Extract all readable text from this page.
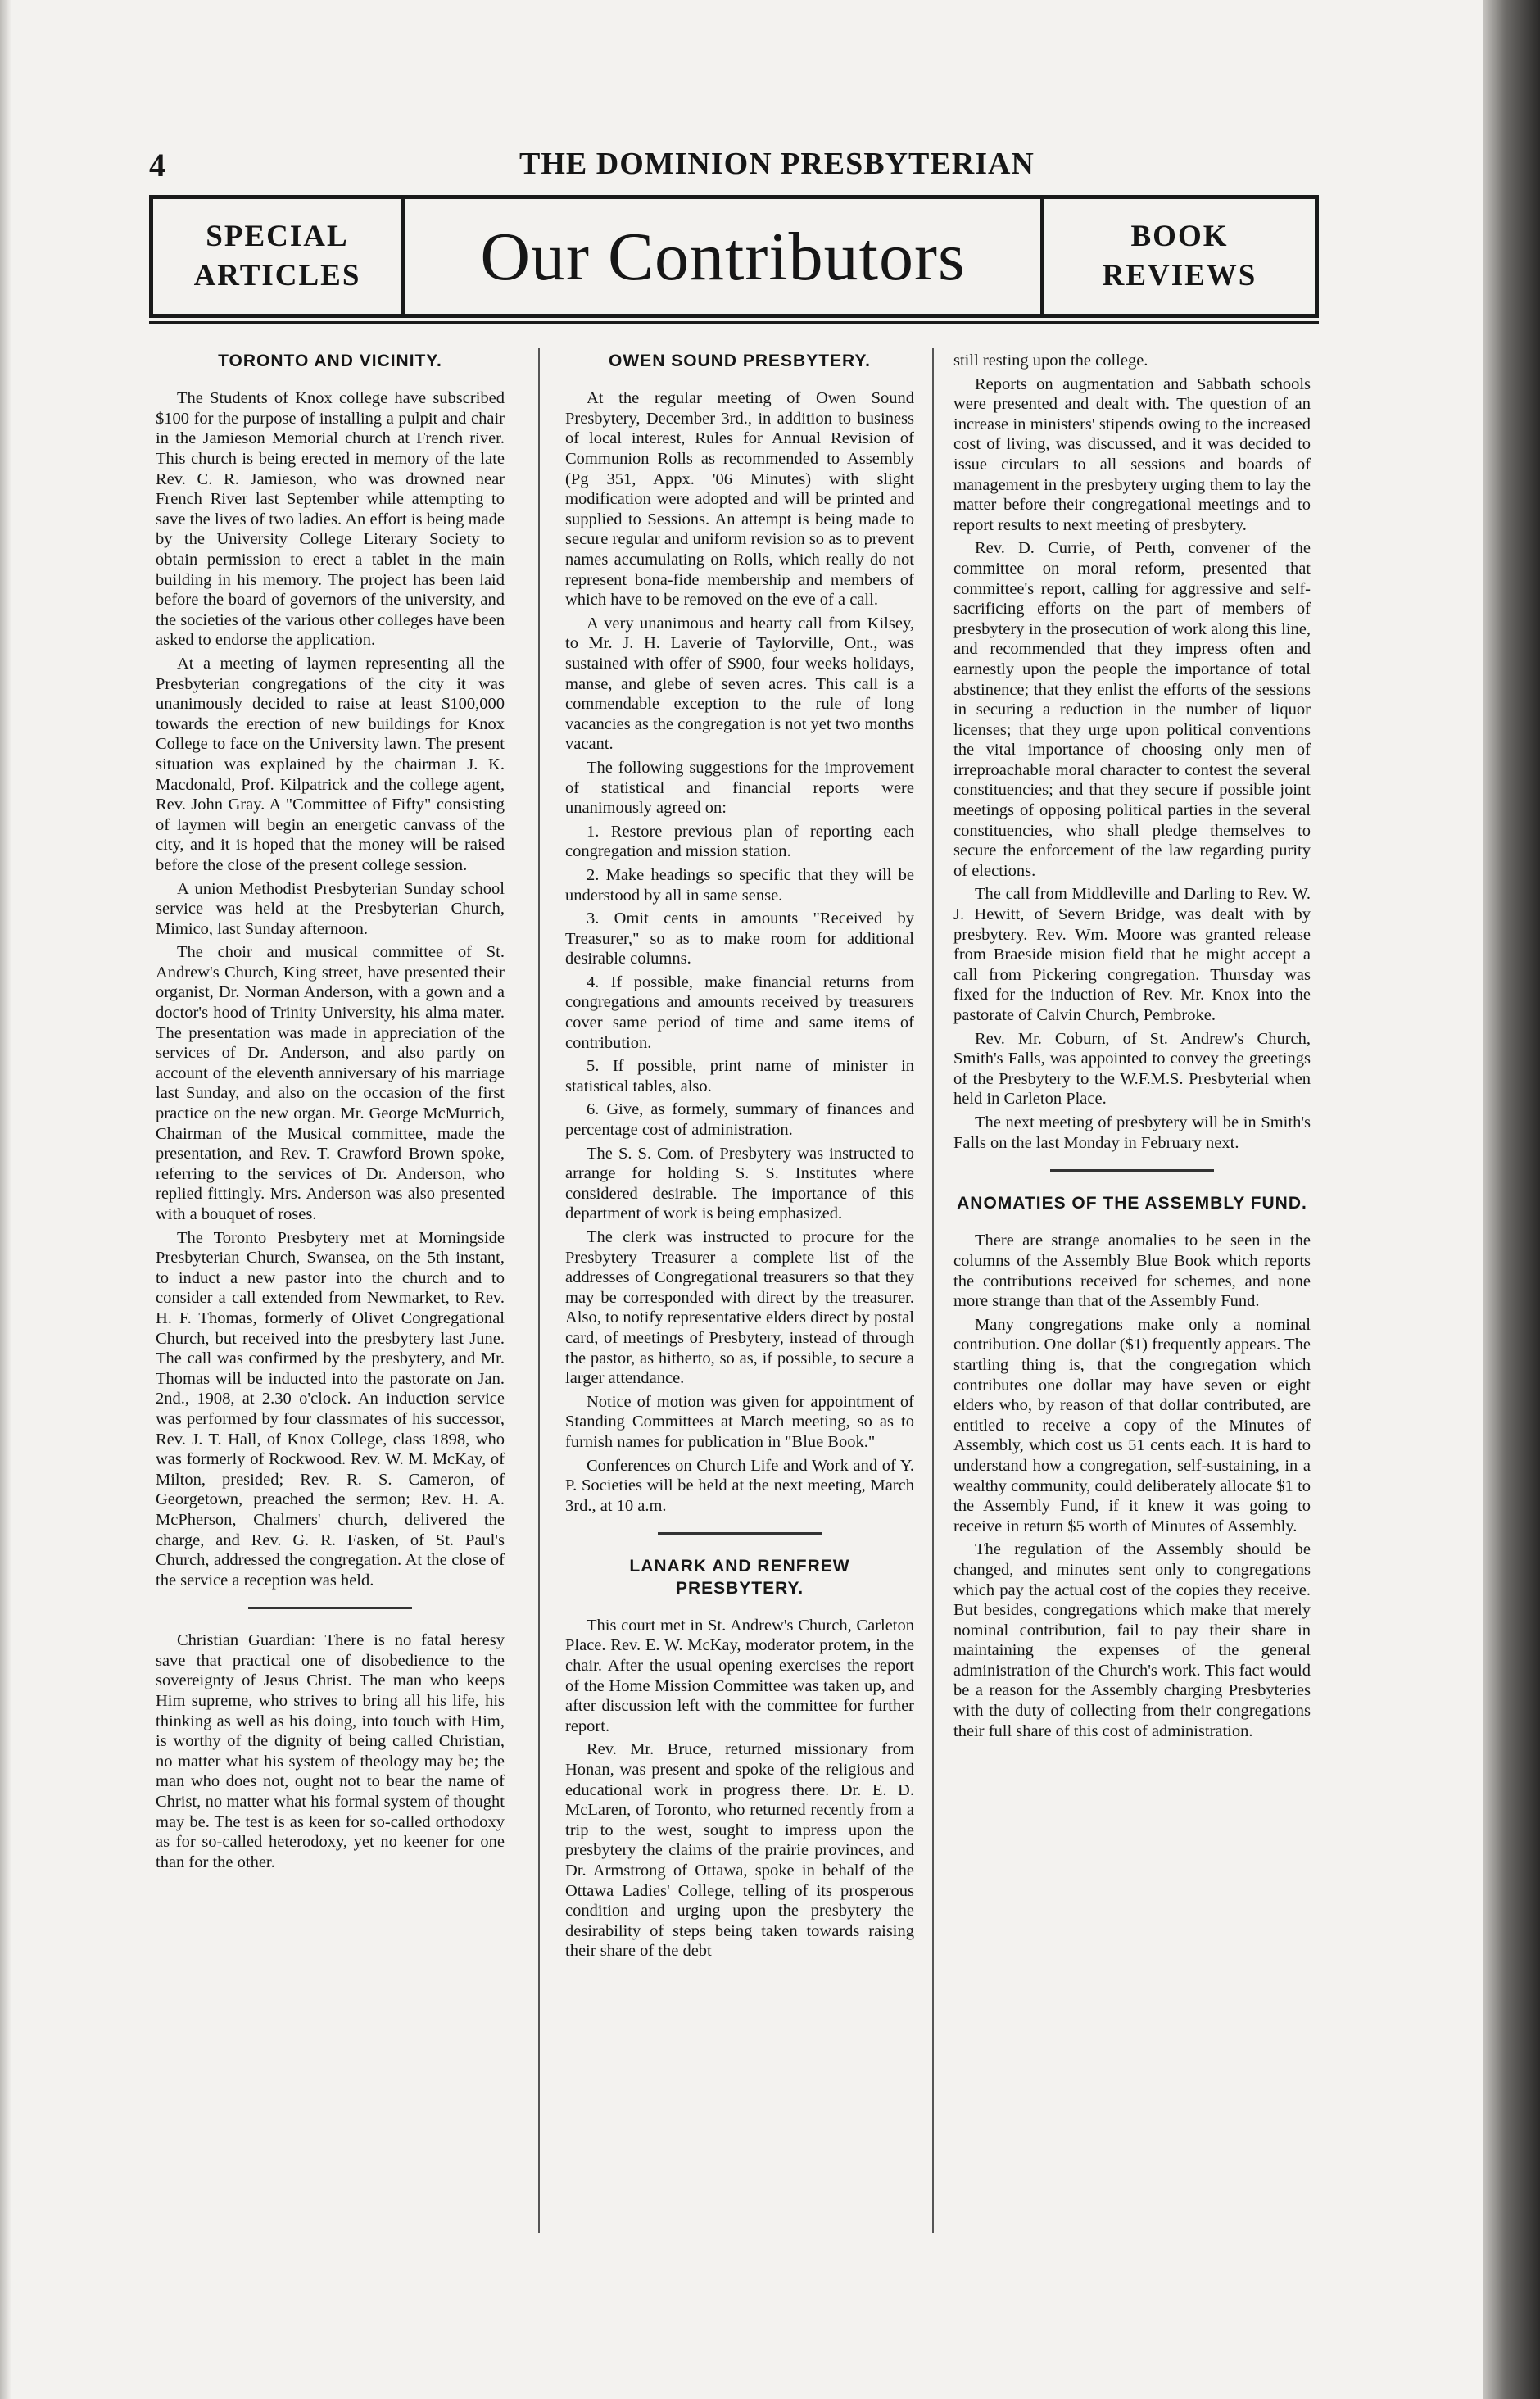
4	THE DOMINION PRESBYTERIAN
SPECIAL
ARTICLES	Our Contributors	BOOK
REVIEWS
TORONTO AND VICINITY.

The Students of Knox college have subscribed $100 for the purpose of installing a pulpit and chair in the Jamieson Memorial church at French river. This church is being erected in memory of the late Rev. C. R. Jamieson, who was drowned near French River last September while attempting to save the lives of two ladies. An effort is being made by the University College Literary Society to obtain permission to erect a tablet in the main building in his memory. The project has been laid before the board of governors of the university, and the societies of the various other colleges have been asked to endorse the application.

At a meeting of laymen representing all the Presbyterian congregations of the city it was unanimously decided to raise at least $100,000 towards the erection of new buildings for Knox College to face on the University lawn. The present situation was explained by the chairman J. K. Macdonald, Prof. Kilpatrick and the college agent, Rev. John Gray. A "Committee of Fifty" consisting of laymen will begin an energetic canvass of the city, and it is hoped that the money will be raised before the close of the present college session.

A union Methodist Presbyterian Sunday school service was held at the Presbyterian Church, Mimico, last Sunday afternoon.

The choir and musical committee of St. Andrew's Church, King street, have presented their organist, Dr. Norman Anderson, with a gown and a doctor's hood of Trinity University, his alma mater. The presentation was made in appreciation of the services of Dr. Anderson, and also partly on account of the eleventh anniversary of his marriage last Sunday, and also on the occasion of the first practice on the new organ. Mr. George McMurrich, Chairman of the Musical committee, made the presentation, and Rev. T. Crawford Brown spoke, referring to the services of Dr. Anderson, who replied fittingly. Mrs. Anderson was also presented with a bouquet of roses.

The Toronto Presbytery met at Morningside Presbyterian Church, Swansea, on the 5th instant, to induct a new pastor into the church and to consider a call extended from Newmarket, to Rev. H. F. Thomas, formerly of Olivet Congregational Church, but received into the presbytery last June. The call was confirmed by the presbytery, and Mr. Thomas will be inducted into the pastorate on Jan. 2nd., 1908, at 2.30 o'clock. An induction service was performed by four classmates of his successor, Rev. J. T. Hall, of Knox College, class 1898, who was formerly of Rockwood. Rev. W. M. McKay, of Milton, presided; Rev. R. S. Cameron, of Georgetown, preached the sermon; Rev. H. A. McPherson, Chalmers' church, delivered the charge, and Rev. G. R. Fasken, of St. Paul's Church, addressed the congregation. At the close of the service a reception was held.

Christian Guardian: There is no fatal heresy save that practical one of disobedience to the sovereignty of Jesus Christ. The man who keeps Him supreme, who strives to bring all his life, his thinking as well as his doing, into touch with Him, is worthy of the dignity of being called Christian, no matter what his system of theology may be; the man who does not, ought not to bear the name of Christ, no matter what his formal system of thought may be. The test is as keen for so-called orthodoxy as for so-called heterodoxy, yet no keener for one than for the other.

OWEN SOUND PRESBYTERY.

At the regular meeting of Owen Sound Presbytery, December 3rd., in addition to business of local interest, Rules for Annual Revision of Communion Rolls as recommended to Assembly (Pg 351, Appx. '06 Minutes) with slight modification were adopted and will be printed and supplied to Sessions. An attempt is being made to secure regular and uniform revision so as to prevent names accumulating on Rolls, which really do not represent bona-fide membership and members of which have to be removed on the eve of a call.

A very unanimous and hearty call from Kilsey, to Mr. J. H. Laverie of Taylorville, Ont., was sustained with offer of $900, four weeks holidays, manse, and glebe of seven acres. This call is a commendable exception to the rule of long vacancies as the congregation is not yet two months vacant.

The following suggestions for the improvement of statistical and financial reports were unanimously agreed on:

1. Restore previous plan of reporting each congregation and mission station.

2. Make headings so specific that they will be understood by all in same sense.

3. Omit cents in amounts "Received by Treasurer," so as to make room for additional desirable columns.

4. If possible, make financial returns from congregations and amounts received by treasurers cover same period of time and same items of contribution.

5. If possible, print name of minister in statistical tables, also.

6. Give, as formely, summary of finances and percentage cost of administration.

The S. S. Com. of Presbytery was instructed to arrange for holding S. S. Institutes where considered desirable. The importance of this department of work is being emphasized.

The clerk was instructed to procure for the Presbytery Treasurer a complete list of the addresses of Congregational treasurers so that they may be corresponded with direct by the treasurer. Also, to notify representative elders direct by postal card, of meetings of Presbytery, instead of through the pastor, as hitherto, so as, if possible, to secure a larger attendance.

Notice of motion was given for appointment of Standing Committees at March meeting, so as to furnish names for publication in "Blue Book."

Conferences on Church Life and Work and of Y. P. Societies will be held at the next meeting, March 3rd., at 10 a.m.

LANARK AND RENFREW PRESBYTERY.

This court met in St. Andrew's Church, Carleton Place. Rev. E. W. McKay, moderator protem, in the chair. After the usual opening exercises the report of the Home Mission Committee was taken up, and after discussion left with the committee for further report.

Rev. Mr. Bruce, returned missionary from Honan, was present and spoke of the religious and educational work in progress there. Dr. E. D. McLaren, of Toronto, who returned recently from a trip to the west, sought to impress upon the presbytery the claims of the prairie provinces, and Dr. Armstrong of Ottawa, spoke in behalf of the Ottawa Ladies' College, telling of its prosperous condition and urging upon the presbytery the desirability of steps being taken towards raising their share of the debt

still resting upon the college.

Reports on augmentation and Sabbath schools were presented and dealt with. The question of an increase in ministers' stipends owing to the increased cost of living, was discussed, and it was decided to issue circulars to all sessions and boards of management in the presbytery urging them to lay the matter before their congregational meetings and to report results to next meeting of presbytery.

Rev. D. Currie, of Perth, convener of the committee on moral reform, presented that committee's report, calling for aggressive and self-sacrificing efforts on the part of members of presbytery in the prosecution of work along this line, and recommended that they impress often and earnestly upon the people the importance of total abstinence; that they enlist the efforts of the sessions in securing a reduction in the number of liquor licenses; that they urge upon political conventions the vital importance of choosing only men of irreproachable moral character to contest the several constituencies; and that they secure if possible joint meetings of opposing political parties in the several constituencies, who shall pledge themselves to secure the enforcement of the law regarding purity of elections.

The call from Middleville and Darling to Rev. W. J. Hewitt, of Severn Bridge, was dealt with by presbytery. Rev. Wm. Moore was granted release from Braeside mision field that he might accept a call from Pickering congregation. Thursday was fixed for the induction of Rev. Mr. Knox into the pastorate of Calvin Church, Pembroke.

Rev. Mr. Coburn, of St. Andrew's Church, Smith's Falls, was appointed to convey the greetings of the Presbytery to the W.F.M.S. Presbyterial when held in Carleton Place.

The next meeting of presbytery will be in Smith's Falls on the last Monday in February next.

ANOMATIES OF THE ASSEMBLY FUND.

There are strange anomalies to be seen in the columns of the Assembly Blue Book which reports the contributions received for schemes, and none more strange than that of the Assembly Fund.

Many congregations make only a nominal contribution. One dollar ($1) frequently appears. The startling thing is, that the congregation which contributes one dollar may have seven or eight elders who, by reason of that dollar contributed, are entitled to receive a copy of the Minutes of Assembly, which cost us 51 cents each. It is hard to understand how a congregation, self-sustaining, in a wealthy community, could deliberately allocate $1 to the Assembly Fund, if it knew it was going to receive in return $5 worth of Minutes of Assembly.

The regulation of the Assembly should be changed, and minutes sent only to congregations which pay the actual cost of the copies they receive. But besides, congregations which make that merely nominal contribution, fail to pay their share in maintaining the expenses of the general administration of the Church's work. This fact would be a reason for the Assembly charging Presbyteries with the duty of collecting from their congregations their full share of this cost of administration.
